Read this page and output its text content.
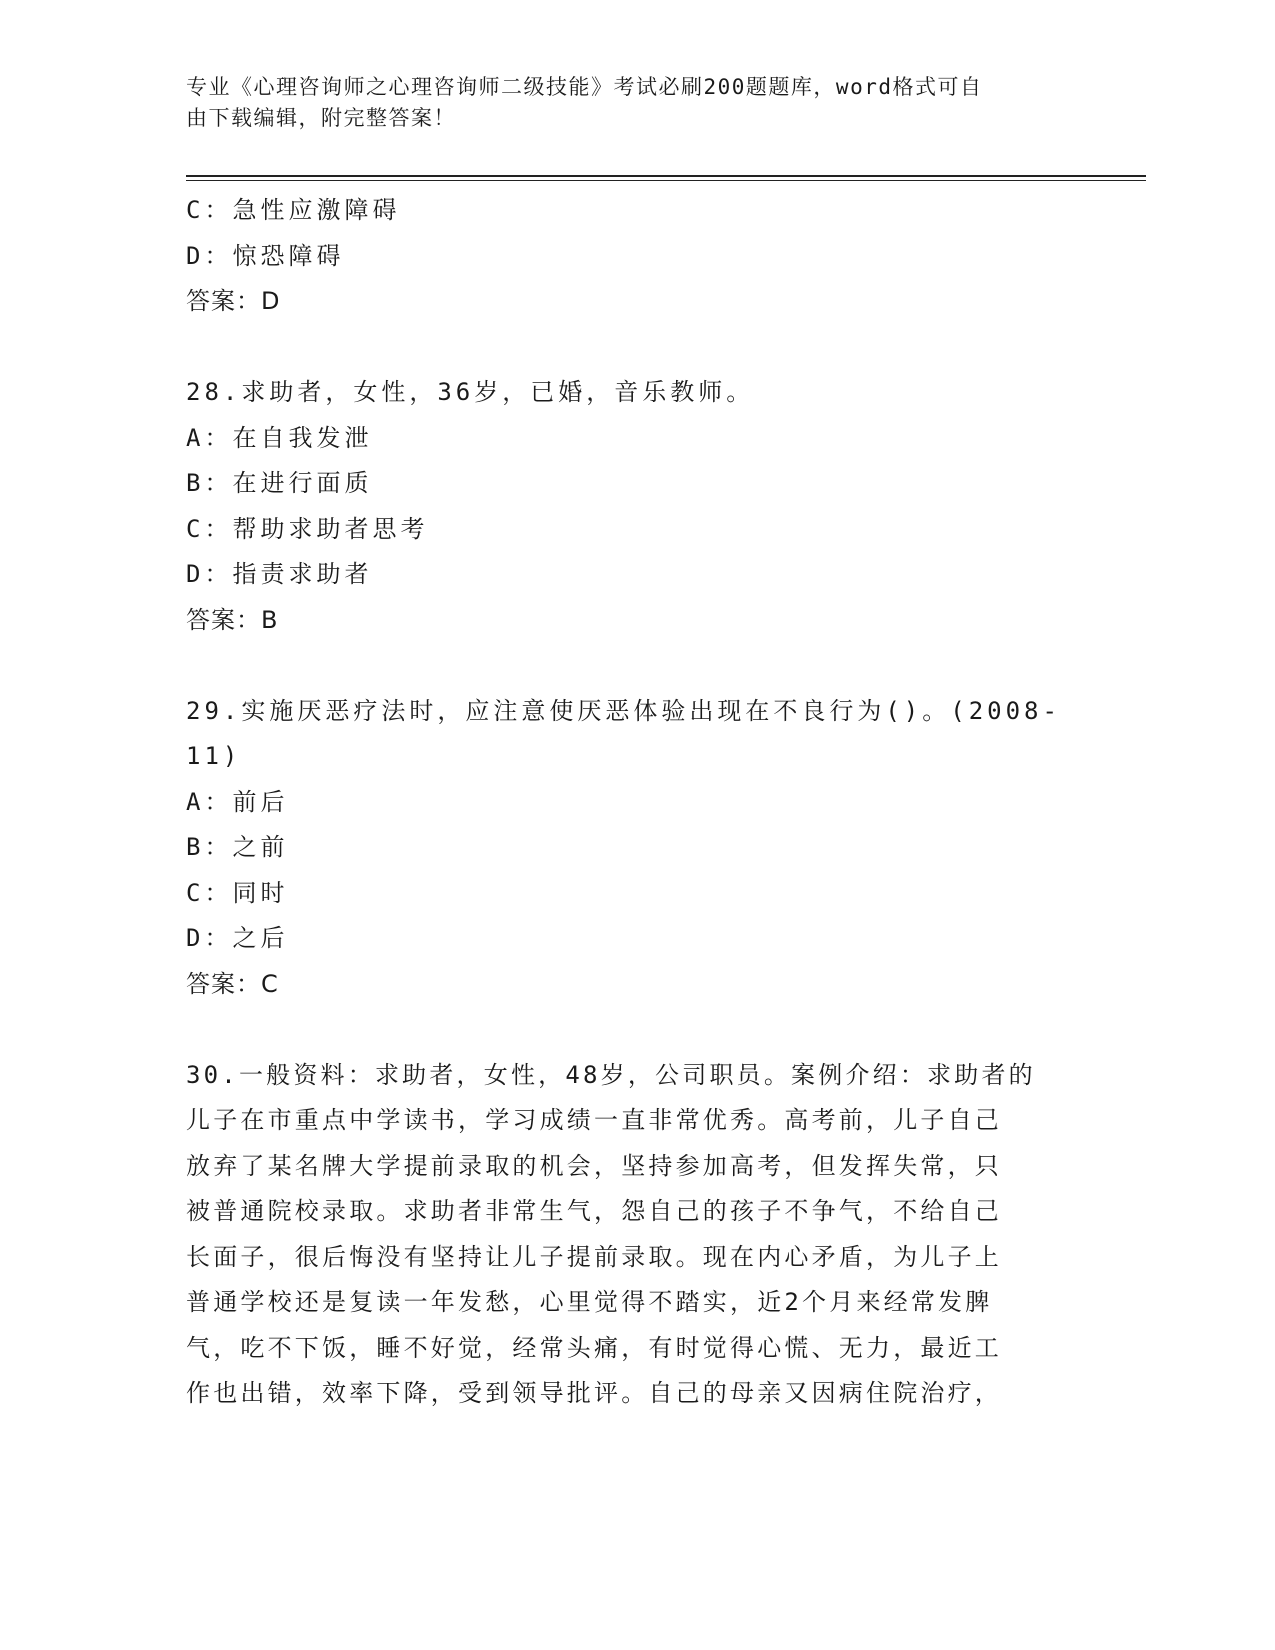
专业《心理咨询师之心理咨询师二级技能》考试必刷200题题库，word格式可自
由下载编辑，附完整答案！
C：急性应激障碍
D：惊恐障碍
答案：D
28.求助者，女性，36岁，已婚，音乐教师。
A：在自我发泄
B：在进行面质
C：帮助求助者思考
D：指责求助者
答案：B
29.实施厌恶疗法时，应注意使厌恶体验出现在不良行为()。(2008-
11)
A：前后
B：之前
C：同时
D：之后
答案：C
30.一般资料：求助者，女性，48岁，公司职员。案例介绍：求助者的
儿子在市重点中学读书，学习成绩一直非常优秀。高考前，儿子自己
放弃了某名牌大学提前录取的机会，坚持参加高考，但发挥失常，只
被普通院校录取。求助者非常生气，怨自己的孩子不争气，不给自己
长面子，很后悔没有坚持让儿子提前录取。现在内心矛盾，为儿子上
普通学校还是复读一年发愁，心里觉得不踏实，近2个月来经常发脾
气，吃不下饭，睡不好觉，经常头痛，有时觉得心慌、无力，最近工
作也出错，效率下降，受到领导批评。自己的母亲又因病住院治疗，
